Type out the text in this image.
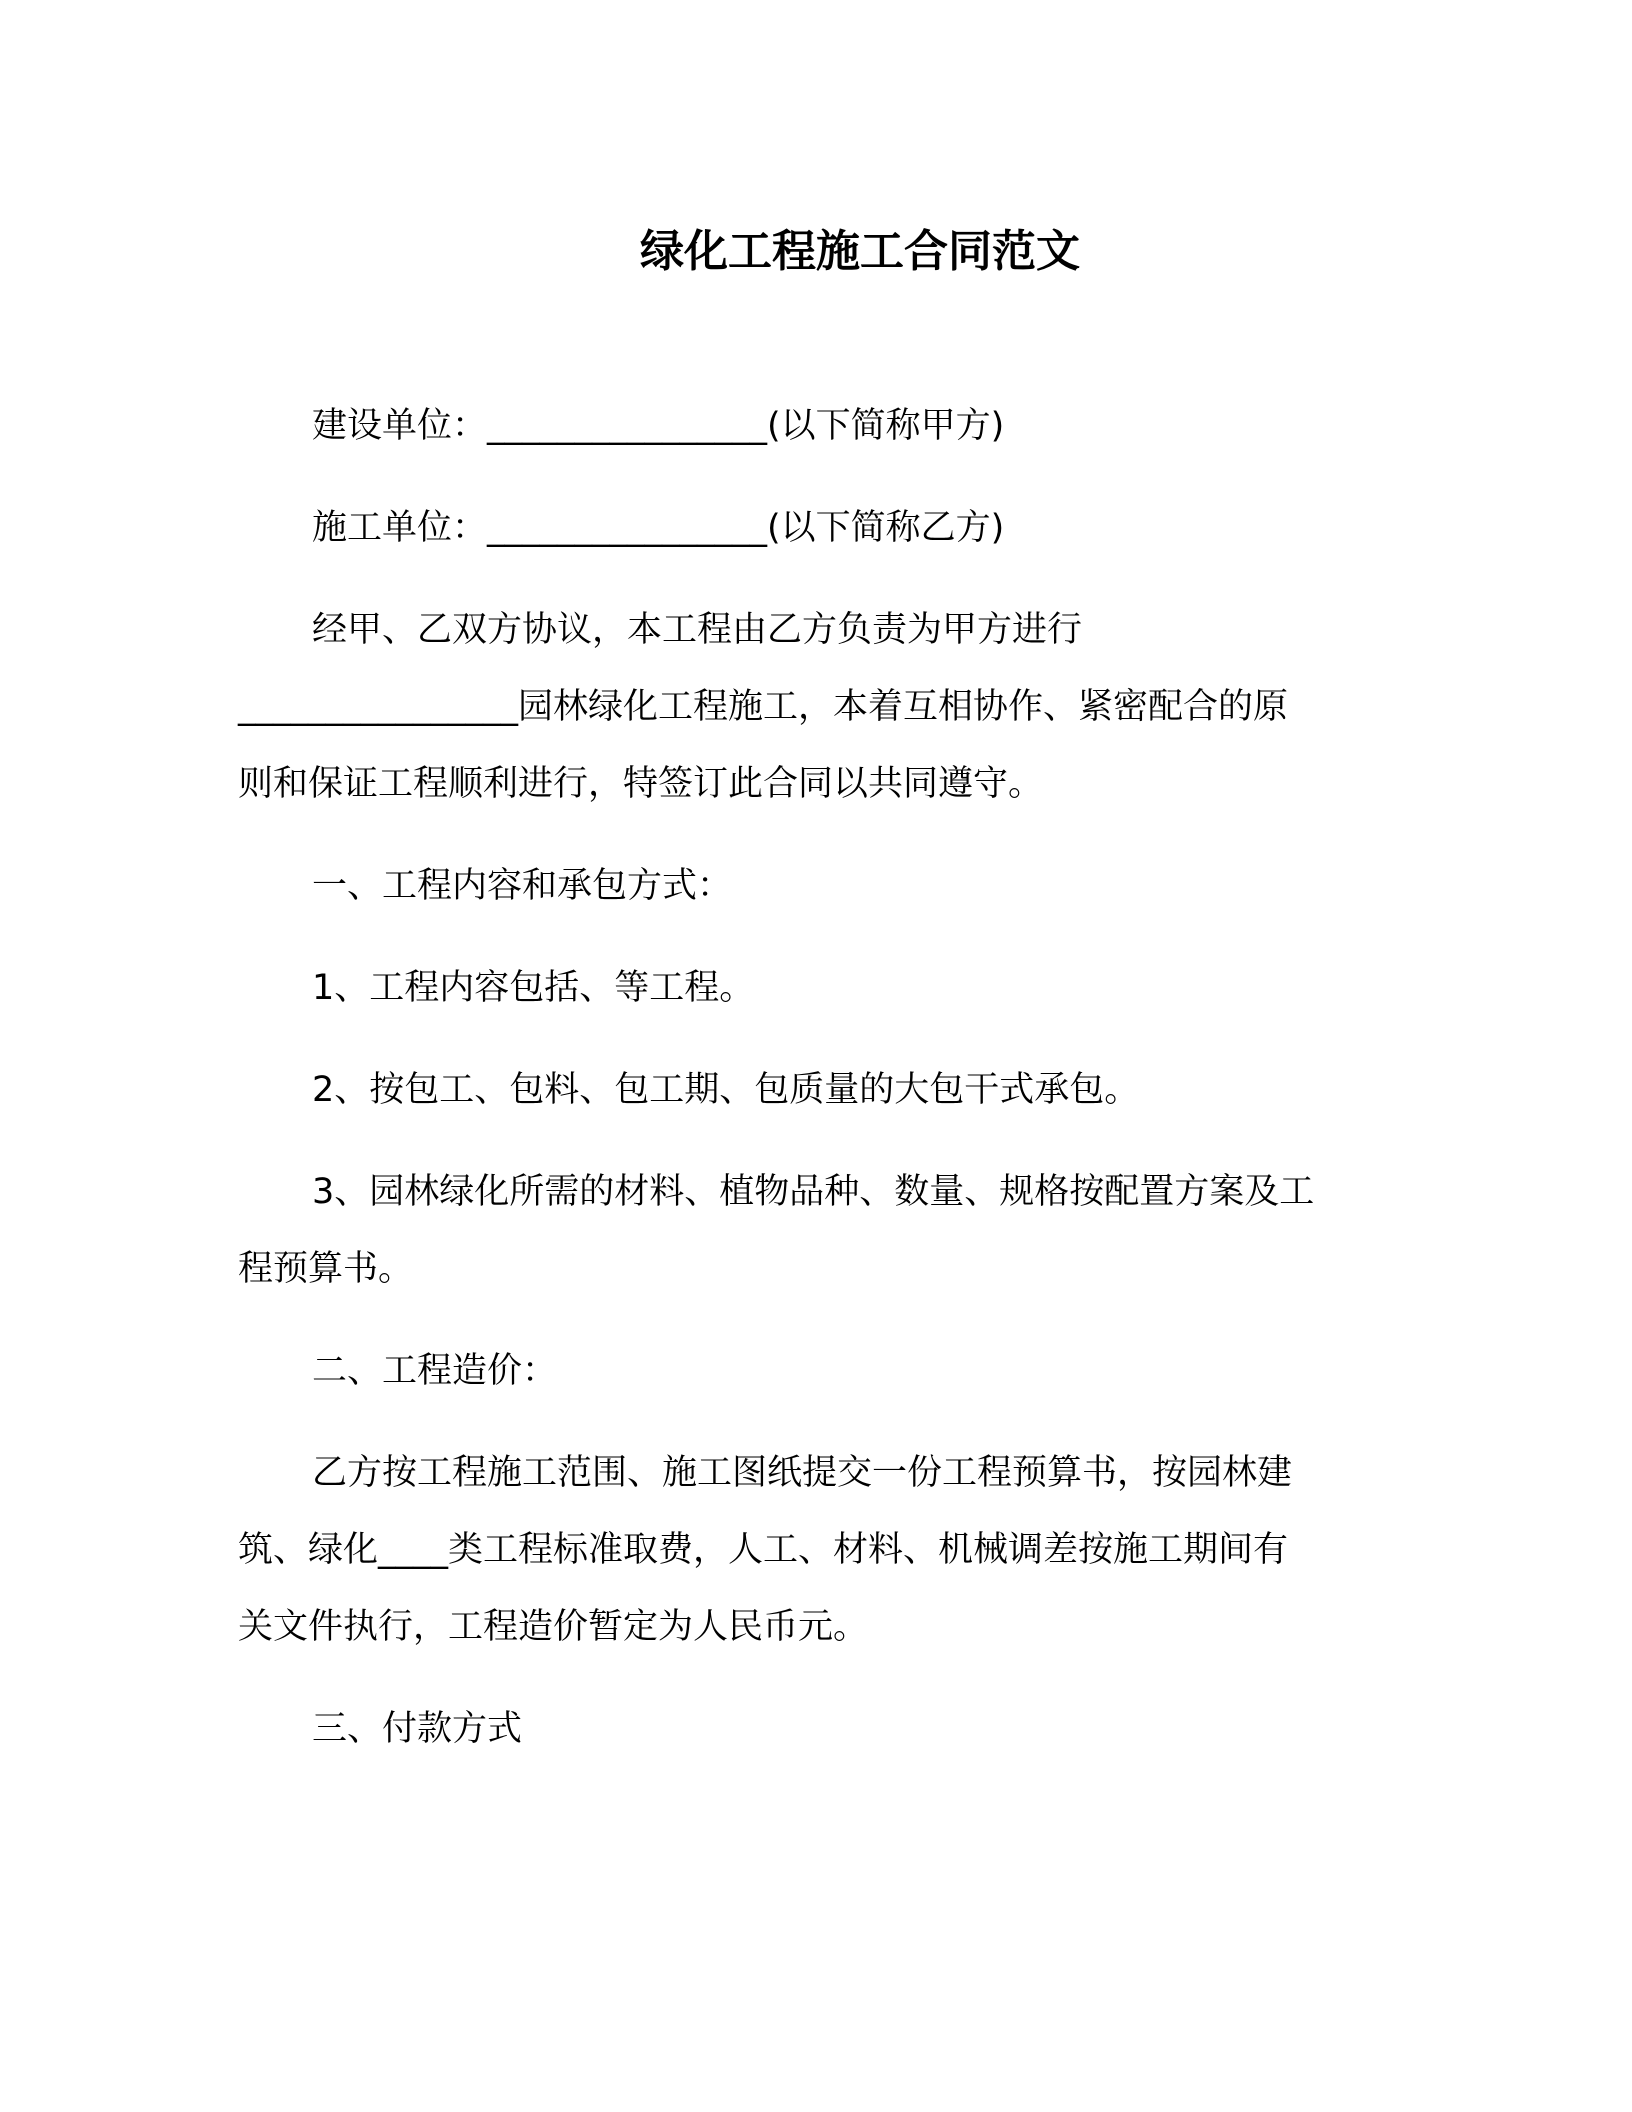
绿化工程施工合同范文

建设单位：________________(以下简称甲方)

施工单位：________________(以下简称乙方)

经甲、乙双方协议，本工程由乙方负责为甲方进行

________________园林绿化工程施工，本着互相协作、紧密配合的原

则和保证工程顺利进行，特签订此合同以共同遵守。

一、工程内容和承包方式：

1、工程内容包括、等工程。

2、按包工、包料、包工期、包质量的大包干式承包。

3、园林绿化所需的材料、植物品种、数量、规格按配置方案及工

程预算书。

二、工程造价：

乙方按工程施工范围、施工图纸提交一份工程预算书，按园林建

筑、绿化____类工程标准取费，人工、材料、机械调差按施工期间有

关文件执行，工程造价暂定为人民币元。

三、付款方式
